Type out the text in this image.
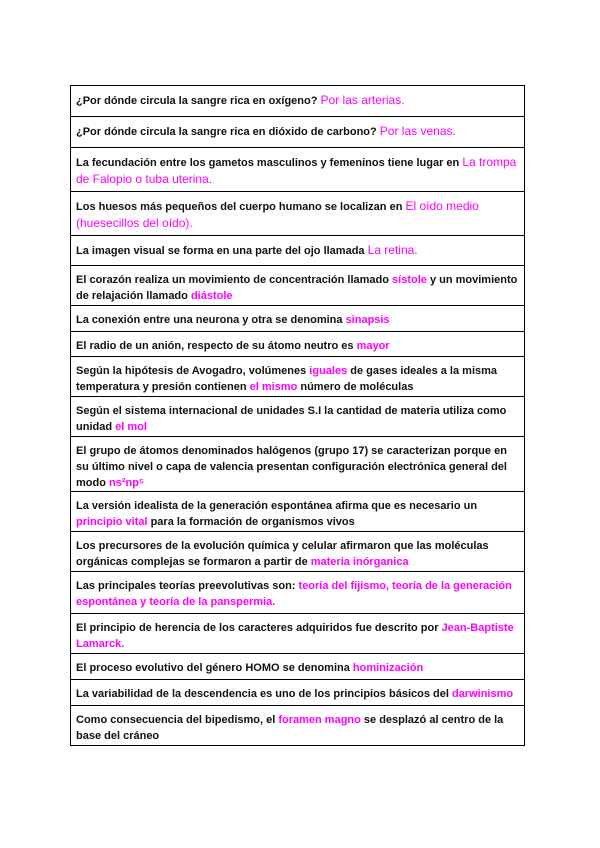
¿Por dónde circula la sangre rica en oxígeno? Por las arterias.
¿Por dónde circula la sangre rica en dióxido de carbono? Por las venas.
La fecundación entre los gametos masculinos y femeninos tiene lugar en La trompa de Falopio o tuba uterina.
Los huesos más pequeños del cuerpo humano se localizan en El oído medio (huesecillos del oído).
La imagen visual se forma en una parte del ojo llamada La retina.
El corazón realiza un movimiento de concentración llamado sístole y un movimiento de relajación llamado diástole
La conexión entre una neurona y otra se denomina sinapsis
El radio de un anión, respecto de su átomo neutro es mayor
Según la hipótesis de Avogadro, volúmenes iguales de gases ideales a la misma temperatura y presión contienen el mismo número de moléculas
Según el sistema internacional de unidades S.I la cantidad de materia utiliza como unidad el mol
El grupo de átomos denominados halógenos (grupo 17) se caracterizan porque en su último nivel o capa de valencia presentan configuración electrónica general del modo ns²np⁵
La versión idealista de la generación espontánea afirma que es necesario un principio vital para la formación de organismos vivos
Los precursores de la evolución química y celular afirmaron que las moléculas orgánicas complejas se formaron a partir de materia inórganica
Las principales teorías preevolutivas son: teoría del fijismo, teoría de la generación espontánea y teoría de la panspermia.
El principio de herencia de los caracteres adquiridos fue descrito por Jean-Baptiste Lamarck.
El proceso evolutivo del género HOMO se denomina hominización
La variabilidad de la descendencia es uno de los principios básicos del darwinismo
Como consecuencia del bipedismo, el foramen magno se desplazó al centro de la base del cráneo
